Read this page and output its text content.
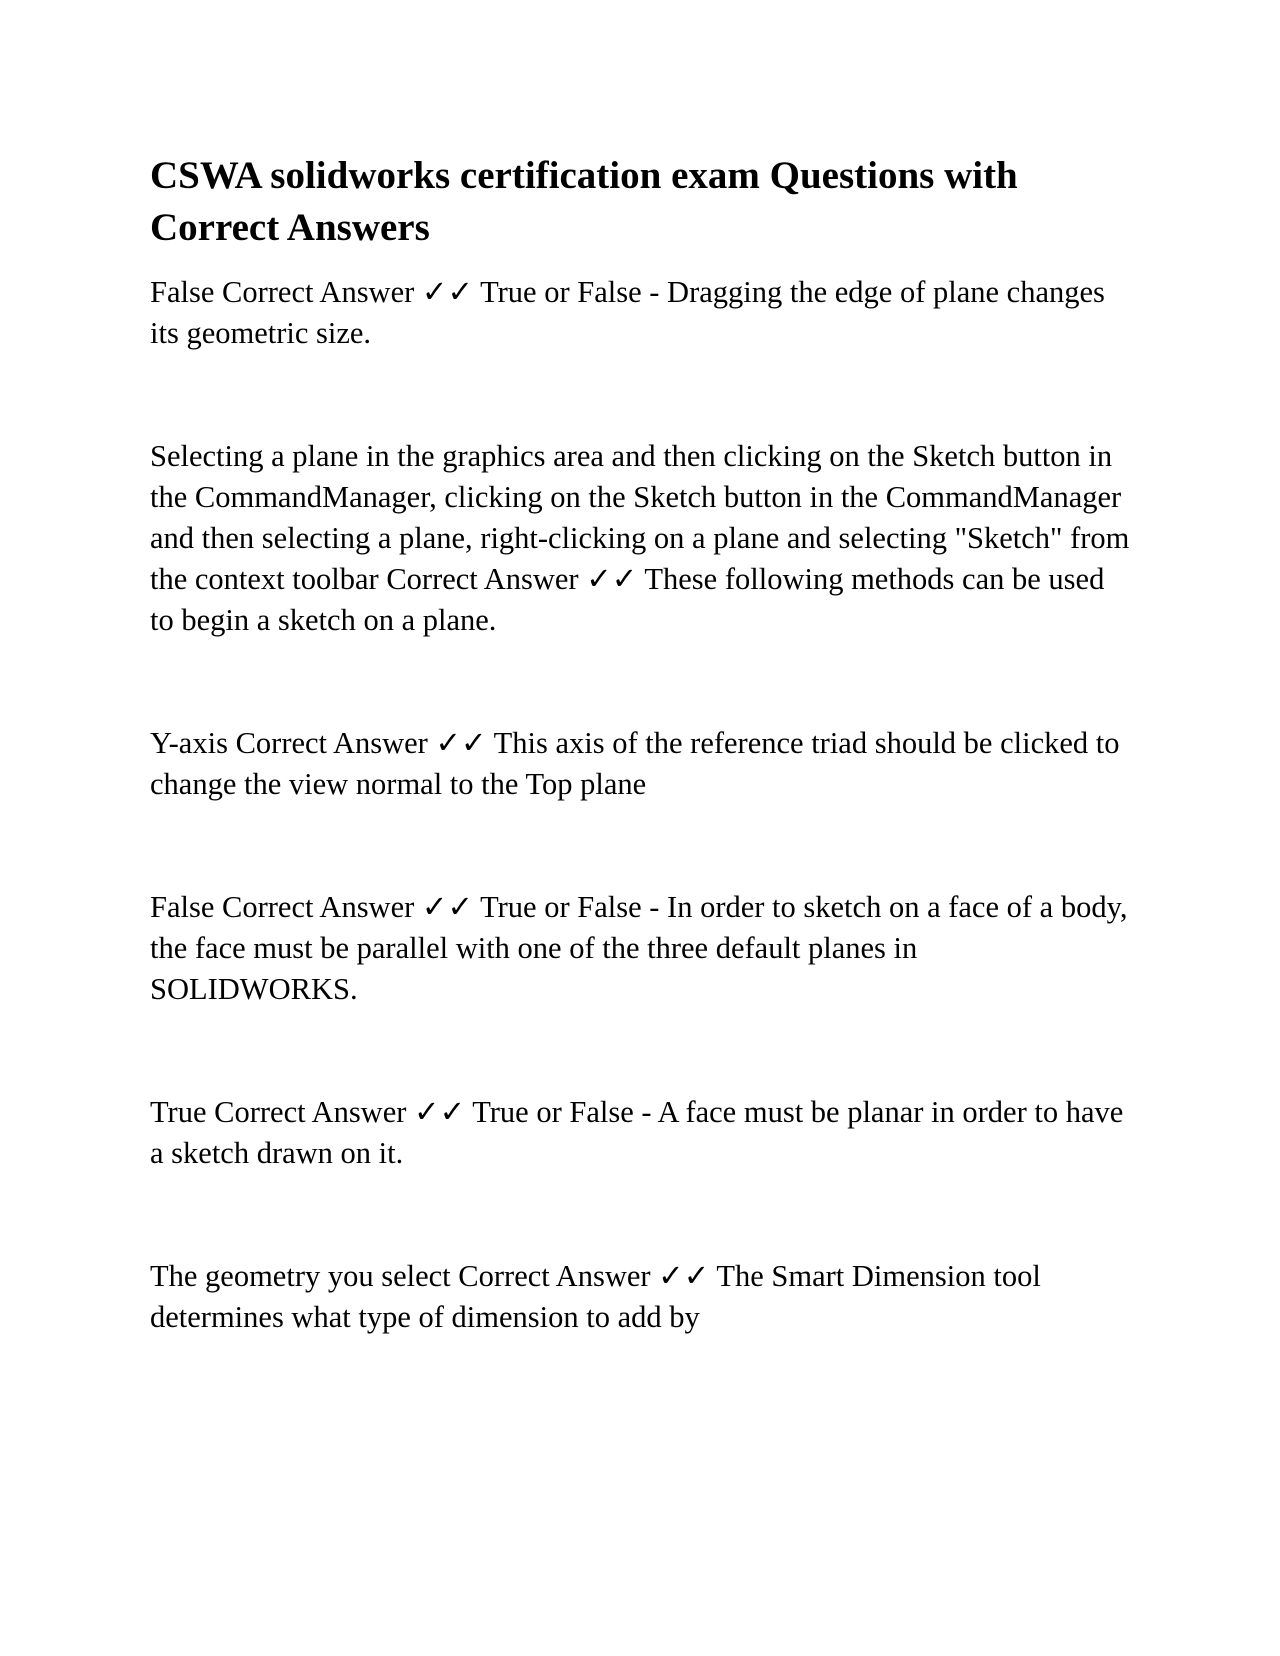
CSWA solidworks certification exam Questions with Correct Answers

False Correct Answer ✓✓ True or False - Dragging the edge of plane changes its geometric size.

Selecting a plane in the graphics area and then clicking on the Sketch button in the CommandManager, clicking on the Sketch button in the CommandManager and then selecting a plane, right-clicking on a plane and selecting "Sketch" from the context toolbar Correct Answer ✓✓ These following methods can be used to begin a sketch on a plane.

Y-axis Correct Answer ✓✓ This axis of the reference triad should be clicked to change the view normal to the Top plane

False Correct Answer ✓✓ True or False - In order to sketch on a face of a body, the face must be parallel with one of the three default planes in SOLIDWORKS.

True Correct Answer ✓✓ True or False - A face must be planar in order to have a sketch drawn on it.

The geometry you select Correct Answer ✓✓ The Smart Dimension tool determines what type of dimension to add by
